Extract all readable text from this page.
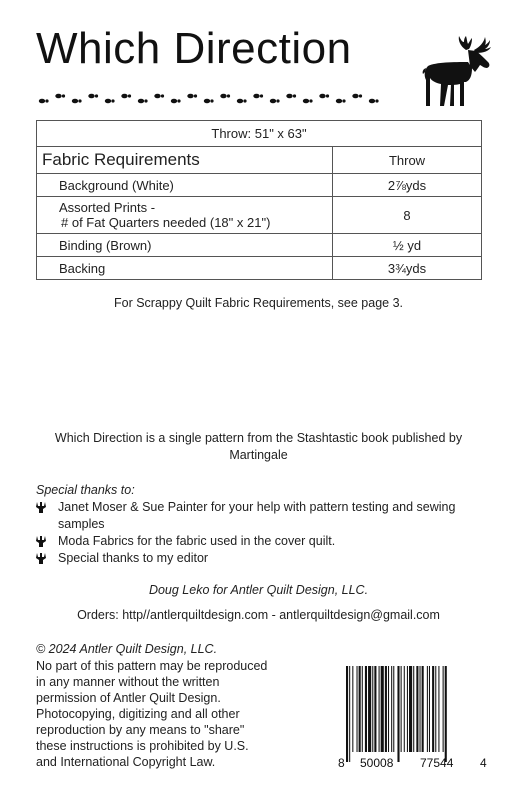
Which Direction
Throw: 51" x 63"	
Fabric Requirements	Throw
Background (White)	2⅞yds

Assorted Prints -
# of Fat Quarters needed (18" x 21")	8
Binding (Brown)	½ yd
Backing	3¾yds
For Scrappy Quilt Fabric Requirements, see page 3.
Which Direction is a single pattern from the Stashtastic book published by Martingale
Special thanks to:
Janet Moser & Sue Painter for your help with pattern testing and sewing samples
Moda Fabrics for the fabric used in the cover quilt.
Special thanks to my editor
Doug Leko for Antler Quilt Design, LLC.
Orders: http//antlerquiltdesign.com - antlerquiltdesign@gmail.com
© 2024 Antler Quilt Design, LLC.
No part of this pattern may be reproduced
in any manner without the written
permission of Antler Quilt Design.
Photocopying, digitizing and all other
reproduction by any means to "share"
these instructions is prohibited by U.S.
and International Copyright Law.	8 50008 77544 4
